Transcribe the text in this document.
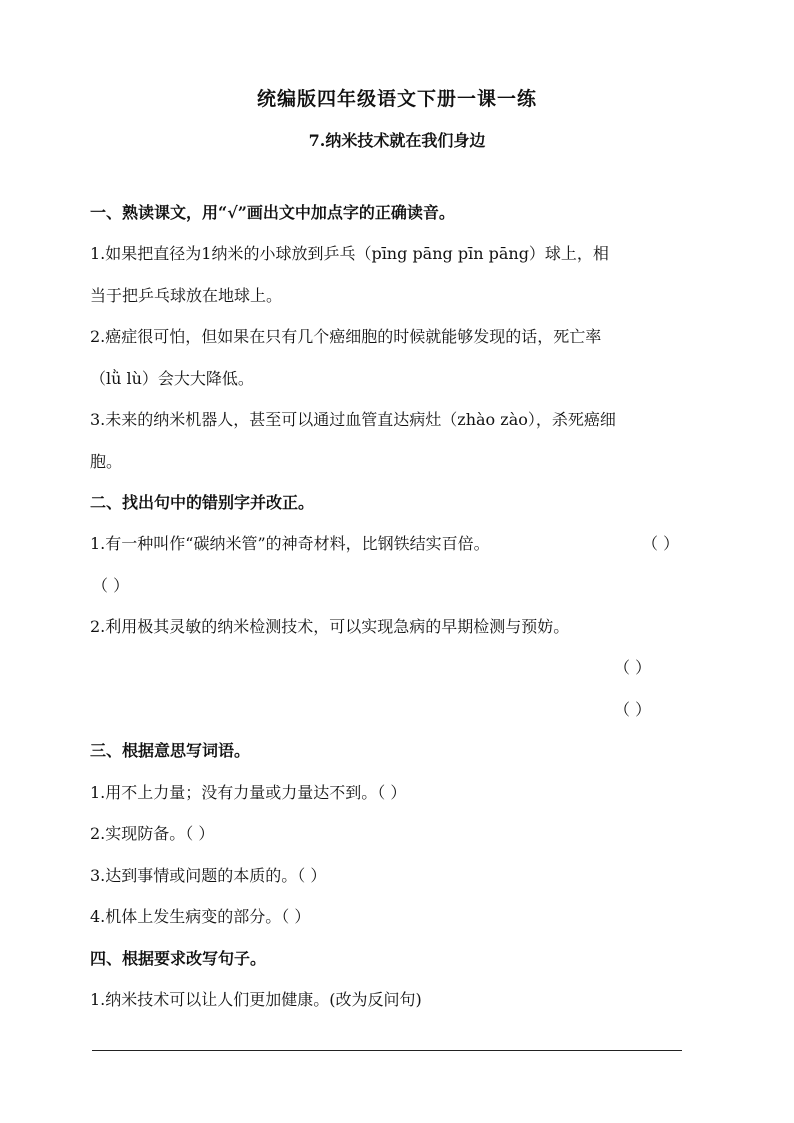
统编版四年级语文下册一课一练
7.纳米技术就在我们身边
一、熟读课文，用“√”画出文中加点字的正确读音。
1.如果把直径为1纳米的小球放到乒乓（pīng pāng pīn pāng）球上，相
当于把乒乓球放在地球上。
2.癌症很可怕，但如果在只有几个癌细胞的时候就能够发现的话，死亡率
（lǜ lù）会大大降低。
3.未来的纳米机器人，甚至可以通过血管直达病灶（zhào zào），杀死癌细
胞。
二、找出句中的错别字并改正。
1.有一种叫作“碳纳米管”的神奇材料，比钢铁结实百倍。	（ ）
（ ）
2.利用极其灵敏的纳米检测技术，可以实现急病的早期检测与预妨。
（ ）
（ ）
三、根据意思写词语。
1.用不上力量；没有力量或力量达不到。（ ）
2.实现防备。（ ）
3.达到事情或问题的本质的。（ ）
4.机体上发生病变的部分。（ ）
四、根据要求改写句子。
1.纳米技术可以让人们更加健康。(改为反问句)
